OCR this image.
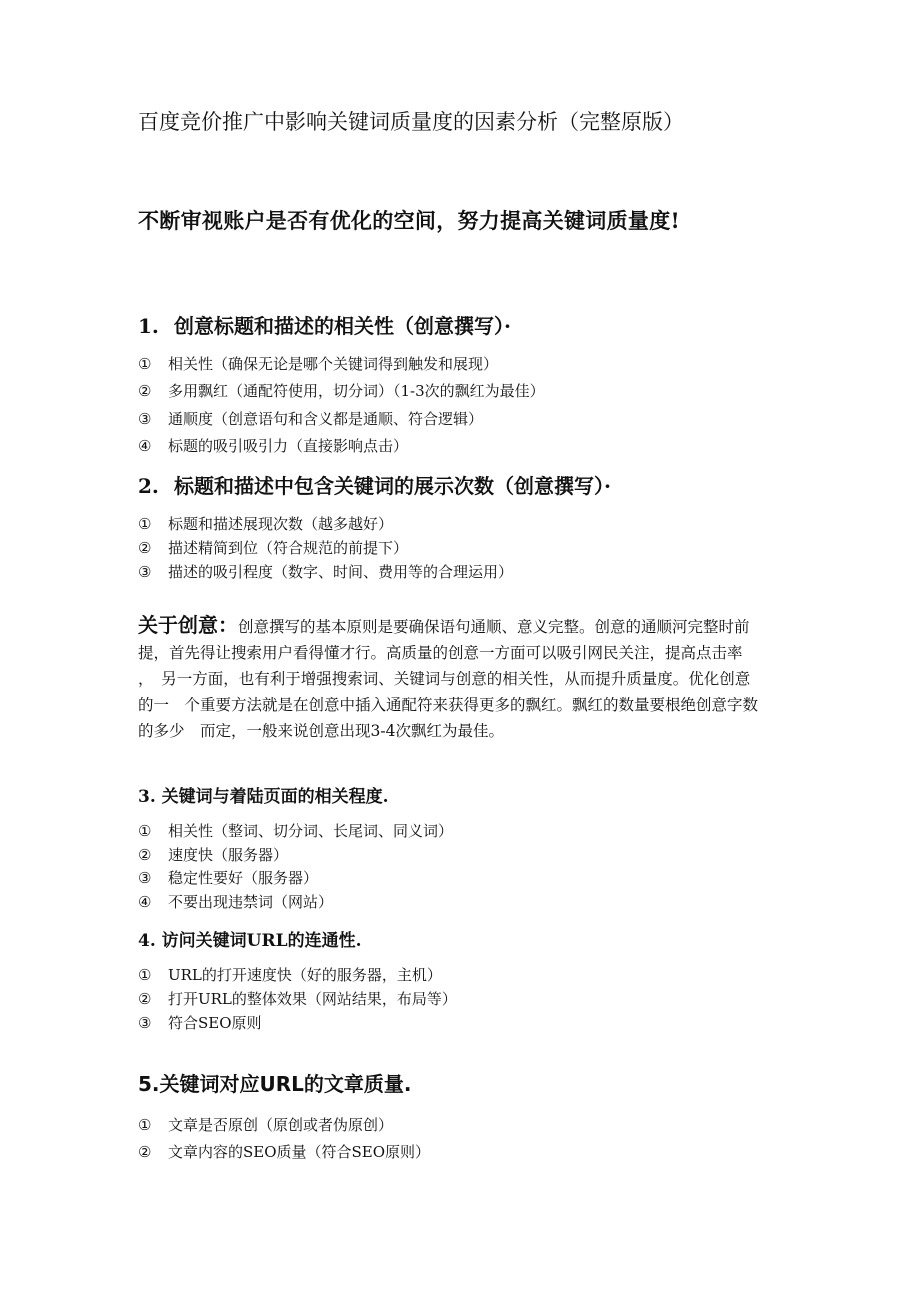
百度竞价推广中影响关键词质量度的因素分析（完整原版）
不断审视账户是否有优化的空间，努力提高关键词质量度!
1. 创意标题和描述的相关性（创意撰写）·
① 相关性（确保无论是哪个关键词得到触发和展现）
② 多用飘红（通配符使用，切分词）（1-3次的飘红为最佳）
③ 通顺度（创意语句和含义都是通顺、符合逻辑）
④ 标题的吸引吸引力（直接影响点击）
2. 标题和描述中包含关键词的展示次数（创意撰写）·
① 标题和描述展现次数（越多越好）
② 描述精简到位（符合规范的前提下）
③ 描述的吸引程度（数字、时间、费用等的合理运用）
关于创意：创意撰写的基本原则是要确保语句通顺、意义完整。创意的通顺河完整时前
提，首先得让搜索用户看得懂才行。高质量的创意一方面可以吸引网民关注，提高点击率
，　另一方面，也有利于增强搜索词、关键词与创意的相关性，从而提升质量度。优化创意
的一　个重要方法就是在创意中插入通配符来获得更多的飘红。飘红的数量要根绝创意字数
的多少　而定，一般来说创意出现3-4次飘红为最佳。
3. 关键词与着陆页面的相关程度.
① 相关性（整词、切分词、长尾词、同义词）
② 速度快（服务器）
③ 稳定性要好（服务器）
④ 不要出现违禁词（网站）
4. 访问关键词URL的连通性.
① URL的打开速度快（好的服务器，主机）
② 打开URL的整体效果（网站结果，布局等）
③ 符合SEO原则
5.关键词对应URL的文章质量.
① 文章是否原创（原创或者伪原创）
② 文章内容的SEO质量（符合SEO原则）
